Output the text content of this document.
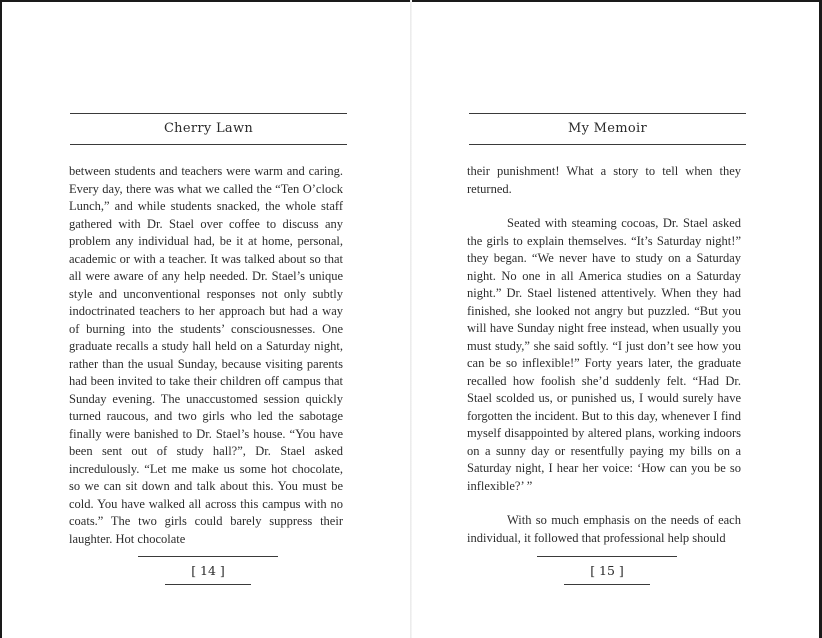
Cherry Lawn

between students and teachers were warm and caring. Every day, there was what we called the “Ten O’clock Lunch,” and while students snacked, the whole staff gathered with Dr. Stael over coffee to discuss any problem any individual had, be it at home, personal, academic or with a teacher. It was talked about so that all were aware of any help needed. Dr. Stael’s unique style and unconventional responses not only subtly indoctrinated teachers to her approach but had a way of burning into the students’ consciousnesses. One graduate recalls a study hall held on a Saturday night, rather than the usual Sunday, because visiting parents had been invited to take their children off campus that Sunday evening. The unaccustomed session quickly turned raucous, and two girls who led the sabotage finally were banished to Dr. Stael’s house. “You have been sent out of study hall?”, Dr. Stael asked incredulously. “Let me make us some hot chocolate, so we can sit down and talk about this. You must be cold. You have walked all across this campus with no coats.” The two girls could barely suppress their laughter. Hot chocolate

[ 14 ]
My Memoir

their punishment! What a story to tell when they returned.

Seated with steaming cocoas, Dr. Stael asked the girls to explain themselves. “It’s Saturday night!” they began. “We never have to study on a Saturday night. No one in all America studies on a Saturday night.” Dr. Stael listened attentively. When they had finished, she looked not angry but puzzled. “But you will have Sunday night free instead, when usually you must study,” she said softly. “I just don’t see how you can be so inflexible!” Forty years later, the graduate recalled how foolish she’d suddenly felt. “Had Dr. Stael scolded us, or punished us, I would surely have forgotten the incident. But to this day, whenever I find myself disappointed by altered plans, working indoors on a sunny day or resentfully paying my bills on a Saturday night, I hear her voice: ‘How can you be so inflexible?’ ”

With so much emphasis on the needs of each individual, it followed that professional help should

[ 15 ]
